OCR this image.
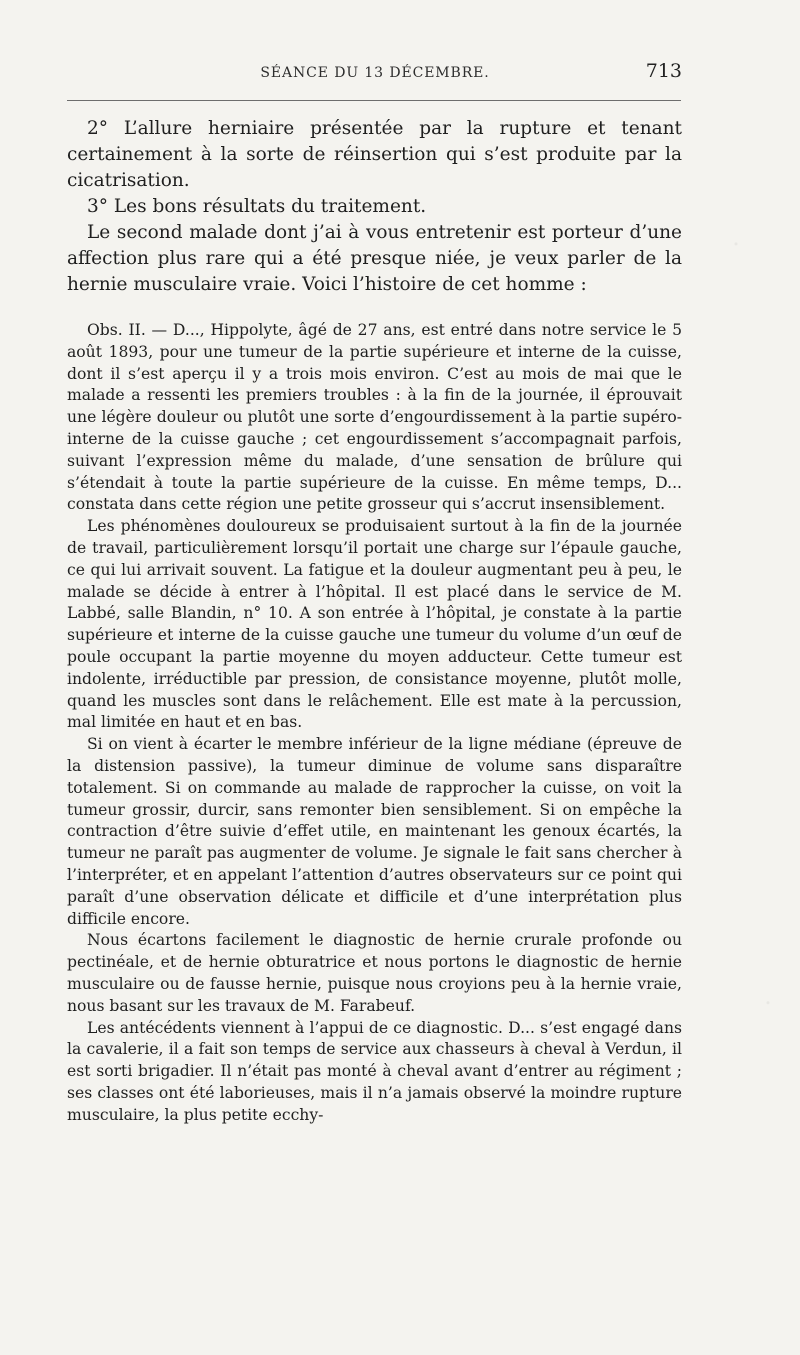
SÉANCE DU 13 DÉCEMBRE.	713

2° L’allure herniaire présentée par la rupture et tenant certainement à la sorte de réinsertion qui s’est produite par la cicatrisation.

3° Les bons résultats du traitement.

Le second malade dont j’ai à vous entretenir est porteur d’une affection plus rare qui a été presque niée, je veux parler de la hernie musculaire vraie. Voici l’histoire de cet homme :

Obs. II. — D..., Hippolyte, âgé de 27 ans, est entré dans notre service le 5 août 1893, pour une tumeur de la partie supérieure et interne de la cuisse, dont il s’est aperçu il y a trois mois environ. C’est au mois de mai que le malade a ressenti les premiers troubles : à la fin de la journée, il éprouvait une légère douleur ou plutôt une sorte d’engourdissement à la partie supéro-interne de la cuisse gauche ; cet engourdissement s’accompagnait parfois, suivant l’expression même du malade, d’une sensation de brûlure qui s’étendait à toute la partie supérieure de la cuisse. En même temps, D... constata dans cette région une petite grosseur qui s’accrut insensiblement.

Les phénomènes douloureux se produisaient surtout à la fin de la journée de travail, particulièrement lorsqu’il portait une charge sur l’épaule gauche, ce qui lui arrivait souvent. La fatigue et la douleur augmentant peu à peu, le malade se décide à entrer à l’hôpital. Il est placé dans le service de M. Labbé, salle Blandin, n° 10. A son entrée à l’hôpital, je constate à la partie supérieure et interne de la cuisse gauche une tumeur du volume d’un œuf de poule occupant la partie moyenne du moyen adducteur. Cette tumeur est indolente, irréductible par pression, de consistance moyenne, plutôt molle, quand les muscles sont dans le relâchement. Elle est mate à la percussion, mal limitée en haut et en bas.

Si on vient à écarter le membre inférieur de la ligne médiane (épreuve de la distension passive), la tumeur diminue de volume sans disparaître totalement. Si on commande au malade de rapprocher la cuisse, on voit la tumeur grossir, durcir, sans remonter bien sensiblement. Si on empêche la contraction d’être suivie d’effet utile, en maintenant les genoux écartés, la tumeur ne paraît pas augmenter de volume. Je signale le fait sans chercher à l’interpréter, et en appelant l’attention d’autres observateurs sur ce point qui paraît d’une observation délicate et difficile et d’une interprétation plus difficile encore.

Nous écartons facilement le diagnostic de hernie crurale profonde ou pectinéale, et de hernie obturatrice et nous portons le diagnostic de hernie musculaire ou de fausse hernie, puisque nous croyions peu à la hernie vraie, nous basant sur les travaux de M. Farabeuf.

Les antécédents viennent à l’appui de ce diagnostic. D... s’est engagé dans la cavalerie, il a fait son temps de service aux chasseurs à cheval à Verdun, il est sorti brigadier. Il n’était pas monté à cheval avant d’entrer au régiment ; ses classes ont été laborieuses, mais il n’a jamais observé la moindre rupture musculaire, la plus petite ecchy-
